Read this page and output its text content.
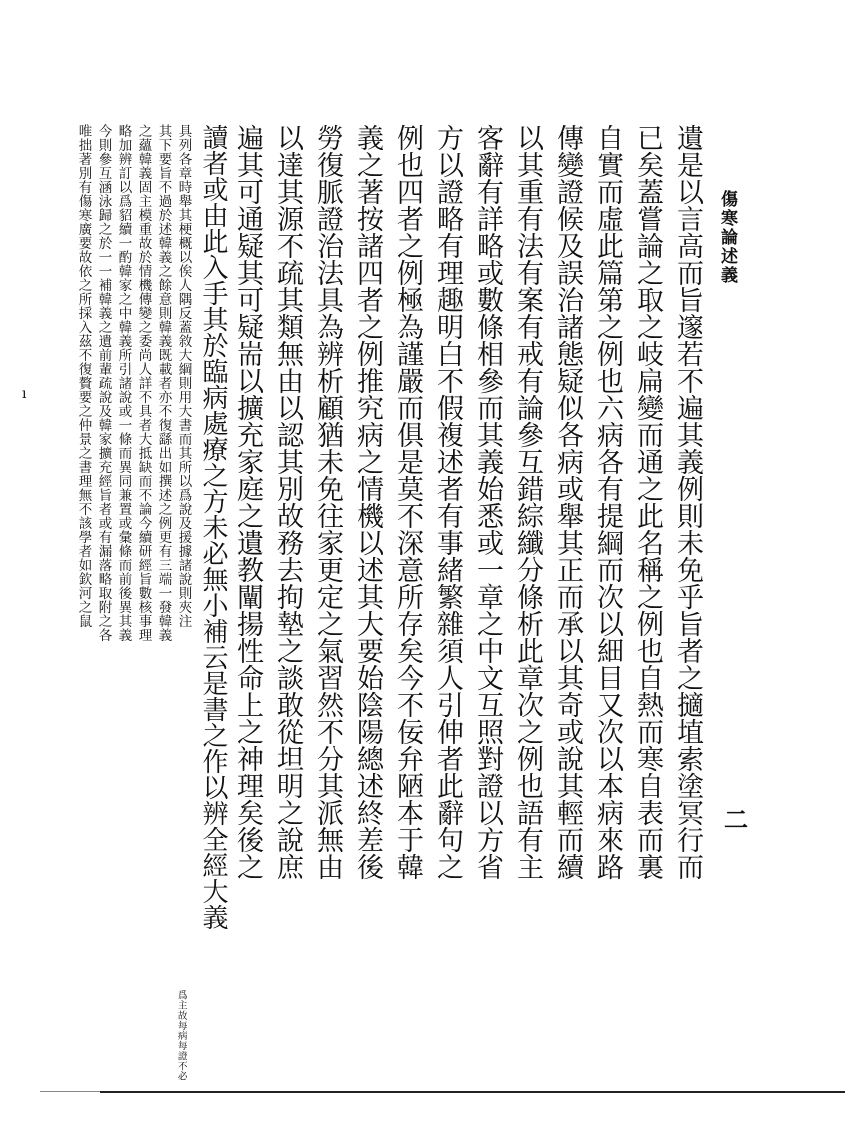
傷寒論述義
二
ı	遺是以言高而旨邃若不遍其義例則未免乎旨者之擿埴索塗冥行而
已矣蓋嘗論之取之岐扁變而通之此名稱之例也自熱而寒自表而裏
自實而虛此篇第之例也六病各有提綱而次以細目又次以本病來路
傳變證候及誤治諸態疑似各病或舉其正而承以其奇或說其輕而續
以其重有法有案有戒有論參互錯綜纖分條析此章次之例也語有主
客辭有詳略或數條相參而其義始悉或一章之中文互照對證以方省
方以證略有理趣明白不假複述者有事緒繁雜須人引伸者此辭句之
例也四者之例極為謹嚴而俱是莫不深意所存矣今不佞弁陋本于韓
義之著按諸四者之例推究病之情機以述其大要始陰陽總述終差後
勞復脈證治法具為辨析顧猶未免往家更定之氣習然不分其派無由
以達其源不疏其類無由以認其別故務去拘墊之談敢從坦明之說庶
遍其可通疑其可疑耑以擴充家庭之遺教闡揚性命上之神理矣後之
讀者或由此入手其於臨病處療之方未必無小補云是書之作以辨全經大義
爲主故每病每證不必
具列各章時舉其梗概以俟人隅反蓋敘大綱則用大書而其所以爲說及援據諸說則夾注
其下要旨不過於述韓義之餘意則韓義既載者亦不復繇出如撰述之例更有三端一發韓義
之蘊韓義固主模重故於情機傳變之委尚人詳不具者大抵缺而不論今續研經旨數核事理
略加辨訂以爲貂續一酌韓家之中韓義所引諸說或一條而異同兼置或彙條而前後異其義
今則參互涵泳歸之於一一補韓義之遺前輩疏說及韓家擴充經旨者或有漏落略取附之各
唯拙著別有傷寒廣要故依之所採入茲不復贅要之仲景之書理無不該學者如欽河之鼠
